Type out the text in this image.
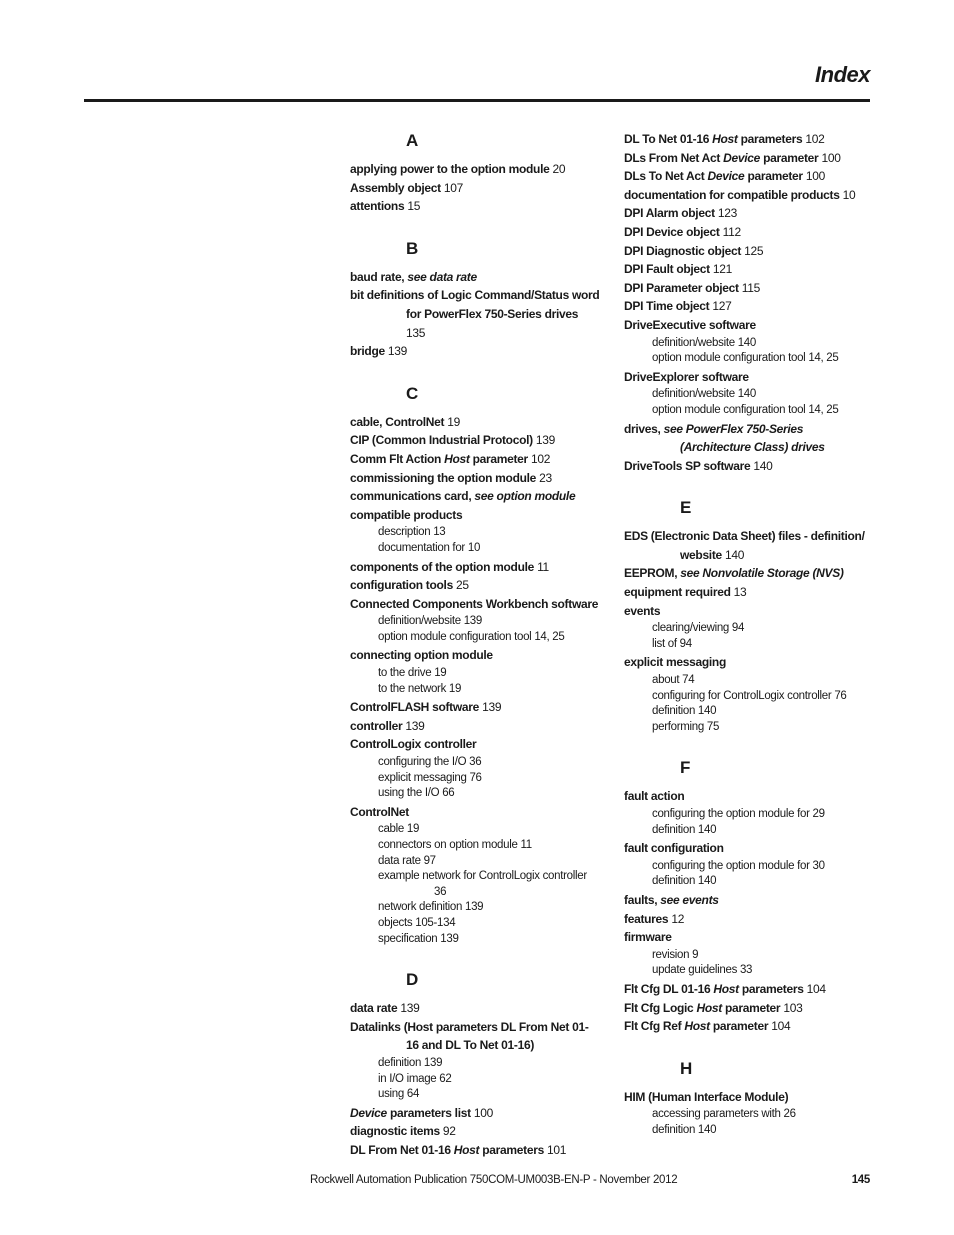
Index
A
applying power to the option module 20
Assembly object 107
attentions 15
B
baud rate, see data rate
bit definitions of Logic Command/Status word for PowerFlex 750-Series drives 135
bridge 139
C
cable, ControlNet 19
CIP (Common Industrial Protocol) 139
Comm Flt Action Host parameter 102
commissioning the option module 23
communications card, see option module
compatible products
description 13
documentation for 10
components of the option module 11
configuration tools 25
Connected Components Workbench software
definition/website 139
option module configuration tool 14, 25
connecting option module
to the drive 19
to the network 19
ControlFLASH software 139
controller 139
ControlLogix controller
configuring the I/O 36
explicit messaging 76
using the I/O 66
ControlNet
cable 19
connectors on option module 11
data rate 97
example network for ControlLogix controller 36
network definition 139
objects 105-134
specification 139
D
data rate 139
Datalinks (Host parameters DL From Net 01-16 and DL To Net 01-16)
definition 139
in I/O image 62
using 64
Device parameters list 100
diagnostic items 92
DL From Net 01-16 Host parameters 101
DL To Net 01-16 Host parameters 102
DLs From Net Act Device parameter 100
DLs To Net Act Device parameter 100
documentation for compatible products 10
DPI Alarm object 123
DPI Device object 112
DPI Diagnostic object 125
DPI Fault object 121
DPI Parameter object 115
DPI Time object 127
DriveExecutive software
definition/website 140
option module configuration tool 14, 25
DriveExplorer software
definition/website 140
option module configuration tool 14, 25
drives, see PowerFlex 750-Series (Architecture Class) drives
DriveTools SP software 140
E
EDS (Electronic Data Sheet) files - definition/ website 140
EEPROM, see Nonvolatile Storage (NVS)
equipment required 13
events
clearing/viewing 94
list of 94
explicit messaging
about 74
configuring for ControlLogix controller 76
definition 140
performing 75
F
fault action
configuring the option module for 29
definition 140
fault configuration
configuring the option module for 30
definition 140
faults, see events
features 12
firmware
revision 9
update guidelines 33
Flt Cfg DL 01-16 Host parameters 104
Flt Cfg Logic Host parameter 103
Flt Cfg Ref Host parameter 104
H
HIM (Human Interface Module)
accessing parameters with 26
definition 140
Rockwell Automation Publication 750COM-UM003B-EN-P - November 2012	145
